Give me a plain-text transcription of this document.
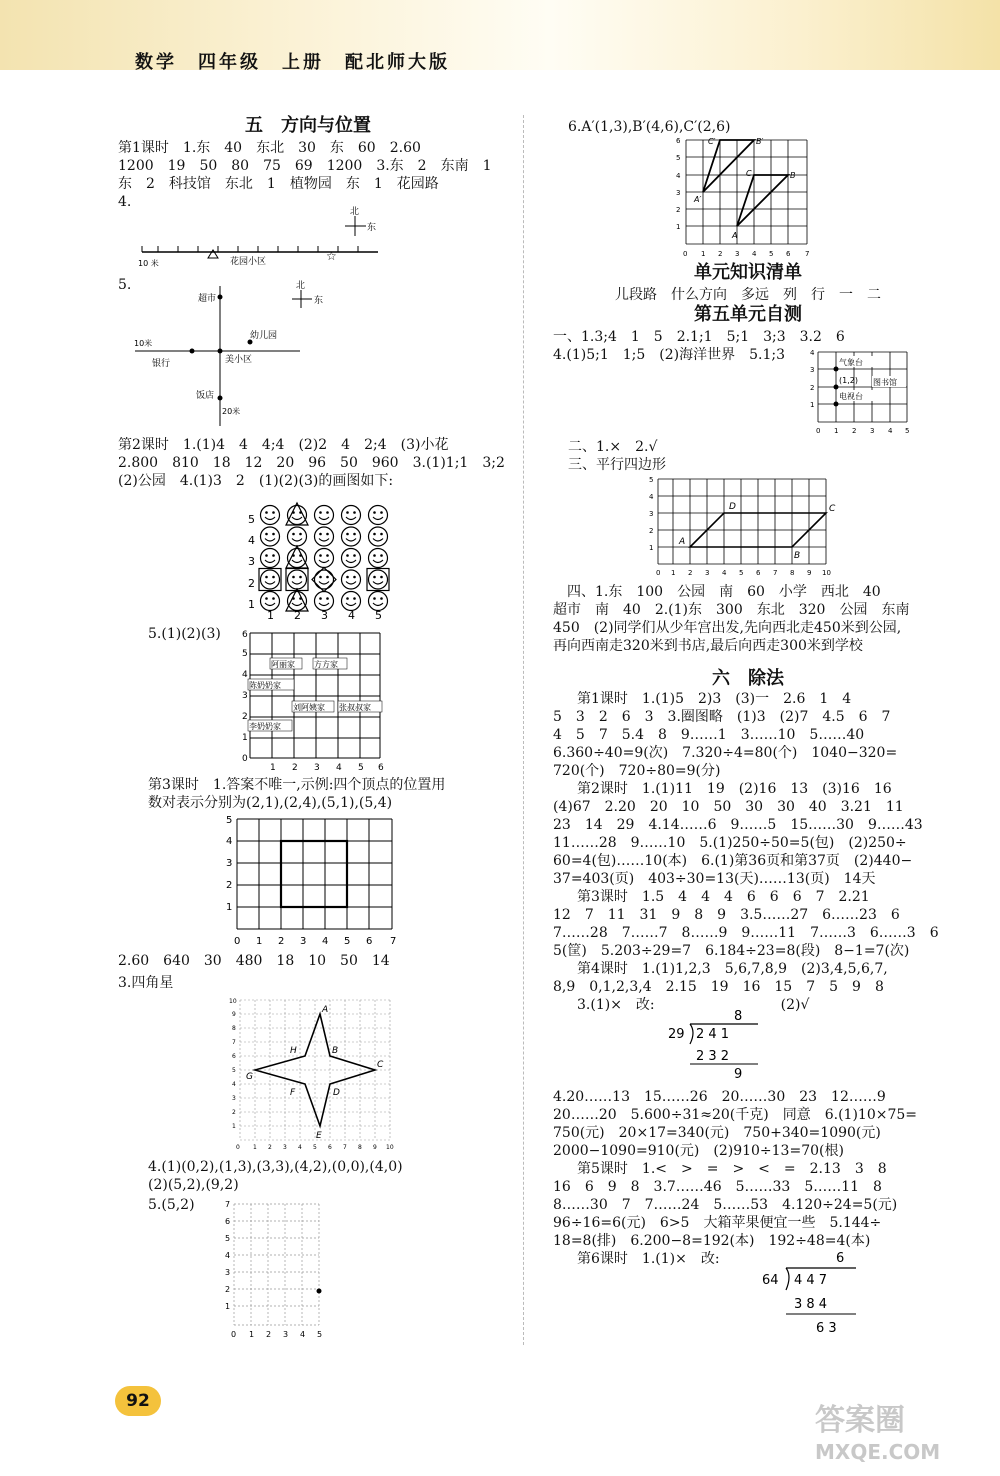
数学　四年级　上册　配北师大版
五　方向与位置

第1课时　1.东　40　东北　30　东　60　2.60

1200　19　50　80　75　69　1200　3.东　2　东南　1

东　2　科技馆　东北　1　植物园　东　1　花园路

4.

北
东
☆
10 米	花园小区
5.	北
东
10米
20米
超市
幼儿园
银行	美小区
饭店

第2课时　1.(1)4　4　4;4　(2)2　4　2;4　(3)小花

2.800　810　18　12　20　96　50　960　3.(1)1;1　3;2

(2)公园　4.(1)3　2　(1)(2)(3)的画图如下:

5
4
3
2
1
1 2 3 4 5
5.(1)(2)(3)
0
1 2 3 4 5 6
1
2
3
4
5
6
阿丽家 方方家
陈奶奶家
刘阿姨家 张叔叔家
李奶奶家

第3课时　1.答案不唯一,示例:四个顶点的位置用

数对表示分别为(2,1),(2,4),(5,1),(5,4)

0 1 2 3 4 5 6 7
1
2
3
4
5

2.60　640　30　480　18　10　50　14

3.四角星

A
B
C
D
E
F
G
H
0 1 2 3 4 5 6 7 8 9 10
1
2
3
4
5
6
7
8
9
10

4.(1)(0,2),(1,3),(3,3),(4,2),(0,0),(4,0)

(2)(5,2),(9,2)

5.(5,2)
0 1 2 3 4 5
1
2
3
4
5
6
7
6.A′(1,3),B′(4,6),C′(2,6)
C′	B′
A′
C	B
A
0 1 2 3 4 5 6 7
1
2
3
4
5
6
单元知识清单

儿段路　什么方向　多远　列　行　一　二

第五单元自测

一、1.3;4　1　5　2.1;1　5;1　3;3　3.2　6

4.(1)5;1　1;5　(2)海洋世界　5.1;3	气象台
(1,2) 图书馆
电视台
0 1 2 3 4 5
1
2
3
4

二、1.×　2.√

三、平行四边形

A
B
C
D
0 1 2 3 4 5 6 7 8 9 10
1
2
3
4
5

四、1.东　100　公园　南　60　小学　西北　40

超市　南　40　2.(1)东　300　东北　320　公园　东南

450　(2)同学们从少年宫出发,先向西北走450米到公园,

再向西南走320米到书店,最后向西走300米到学校

六　除法

第1课时　1.(1)5　2)3　(3)一　2.6　1　4

5　3　2　6　3　3.圈图略　(1)3　(2)7　4.5　6　7

4　5　7　5.4　8　9……1　3……10　5……40

6.360÷40=9(次)　7.320÷4=80(个)　1040−320=

720(个)　720÷80=9(分)

第2课时　1.(1)11　19　(2)16　13　(3)16　16

(4)67　2.20　20　10　50　30　30　40　3.21　11

23　14　29　4.14……6　9……5　15……30　9……43

11……28　9……10　5.(1)250÷50=5(包)　(2)250÷

60=4(包)……10(本)　6.(1)第36页和第37页　(2)440−

37=403(页)　403÷30=13(天)……13(页)　14天

第3课时　1.5　4　4　4　6　6　6　7　2.21

12　7　11　31　9　8　9　3.5……27　6……23　6

7……28　7……7　8……9　9……11　7……3　6……3　6

5(筐)　5.203÷29=7　6.184÷23=8(段)　8−1=7(次)

第4课时　1.(1)1,2,3　5,6,7,8,9　(2)3,4,5,6,7,

8,9　0,1,2,3,4　2.15　19　16　15　7　5　9　8

3.(1)×　改:　　　　　　　　　(2)√

8
29 2 4 1
2 3 2
9

4.20……13　15……26　20……30　23　12……9

20……20　5.600÷31≈20(千克)　同意　6.(1)10×75=

750(元)　20×17=340(元)　750+340=1090(元)

2000−1090=910(元)　(2)910÷13=70(根)

第5课时　1.<　>　=　>　<　=　2.13　3　8

16　6　9　8　3.7……46　5……33　5……11　8

8……30　7　7……24　5……53　4.120÷24=5(元)

96÷16=6(元)　6>5　大箱苹果便宜一些　5.144÷

18=8(排)　6.200−8=192(本)　192÷48=4(本)

第6课时　1.(1)×　改:	6
64 4 4 7
3 8 4
6 3
92
答案圈
MXQE.COM
